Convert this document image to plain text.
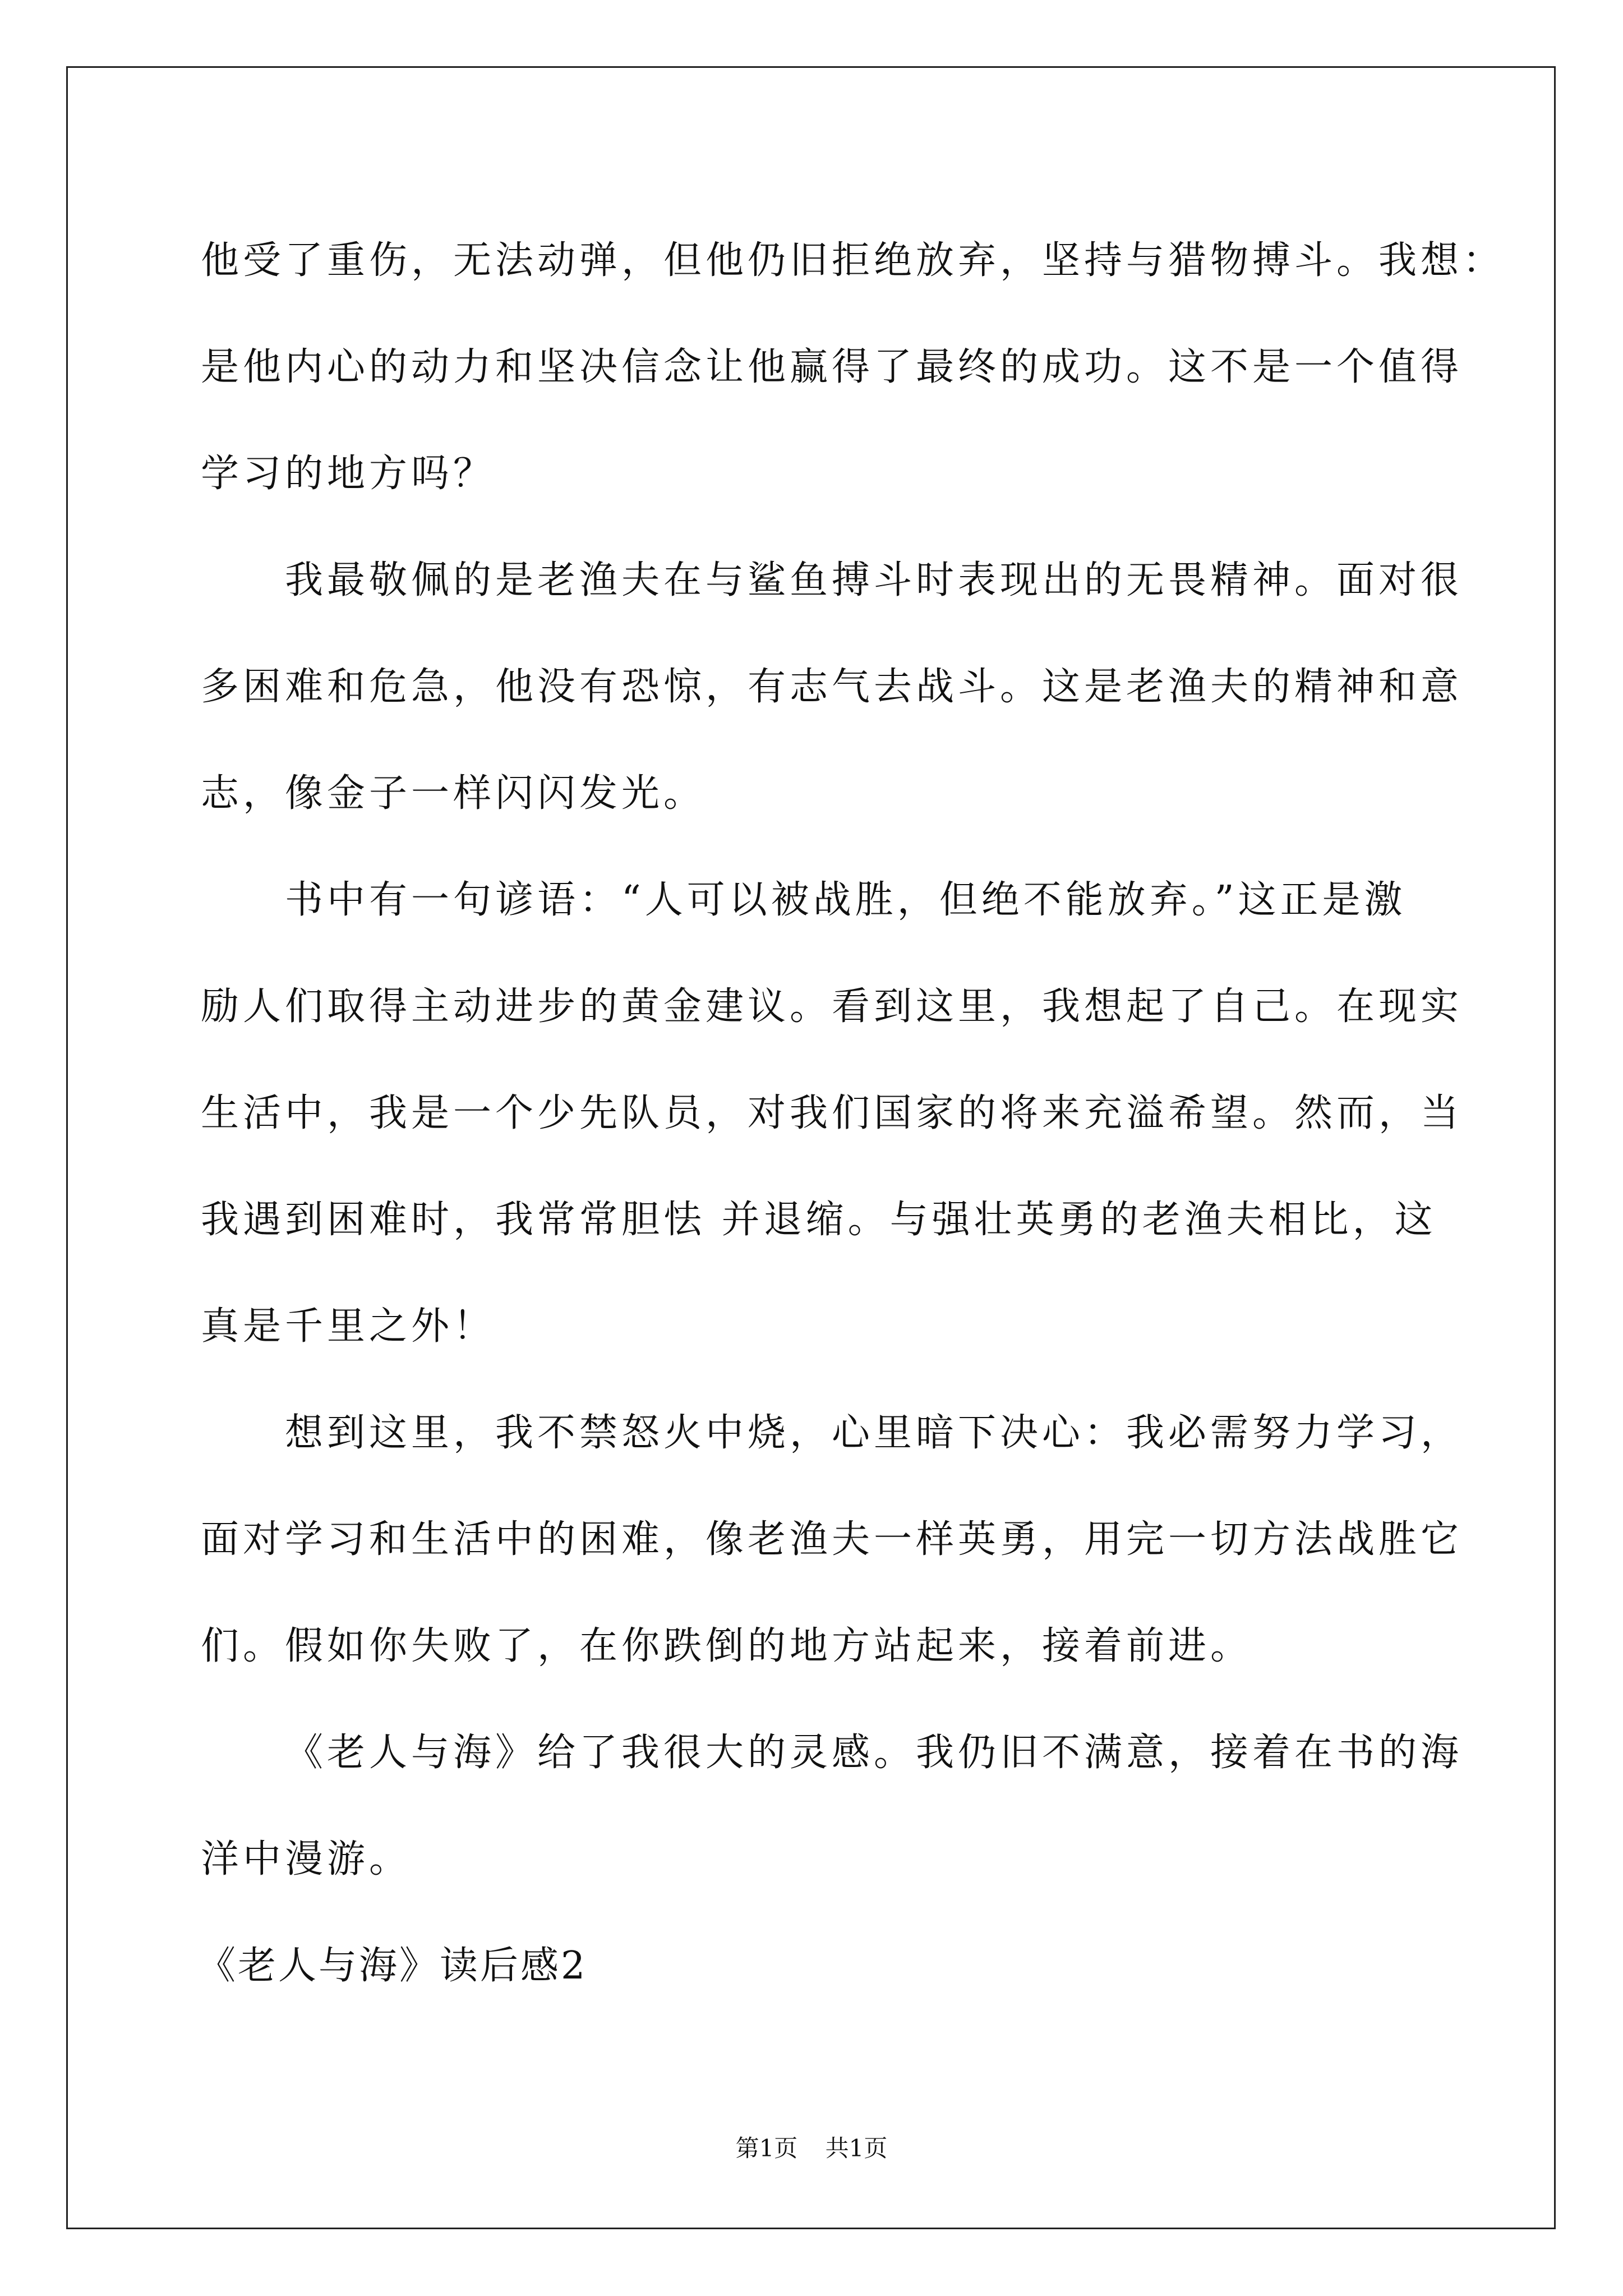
他受了重伤，无法动弹，但他仍旧拒绝放弃，坚持与猎物搏斗。我想：
是他内心的动力和坚决信念让他赢得了最终的成功。这不是一个值得
学习的地方吗？

我最敬佩的是老渔夫在与鲨鱼搏斗时表现出的无畏精神。面对很
多困难和危急，他没有恐惊，有志气去战斗。这是老渔夫的精神和意
志，像金子一样闪闪发光。

书中有一句谚语：“人可以被战胜，但绝不能放弃。”这正是激
励人们取得主动进步的黄金建议。看到这里，我想起了自己。在现实
生活中，我是一个少先队员，对我们国家的将来充溢希望。然而，当
我遇到困难时，我常常胆怯 并退缩。与强壮英勇的老渔夫相比，这
真是千里之外！

想到这里，我不禁怒火中烧，心里暗下决心：我必需努力学习，
面对学习和生活中的困难，像老渔夫一样英勇，用完一切方法战胜它
们。假如你失败了，在你跌倒的地方站起来，接着前进。

《老人与海》给了我很大的灵感。我仍旧不满意，接着在书的海
洋中漫游。

《老人与海》读后感2
第1页 共1页
